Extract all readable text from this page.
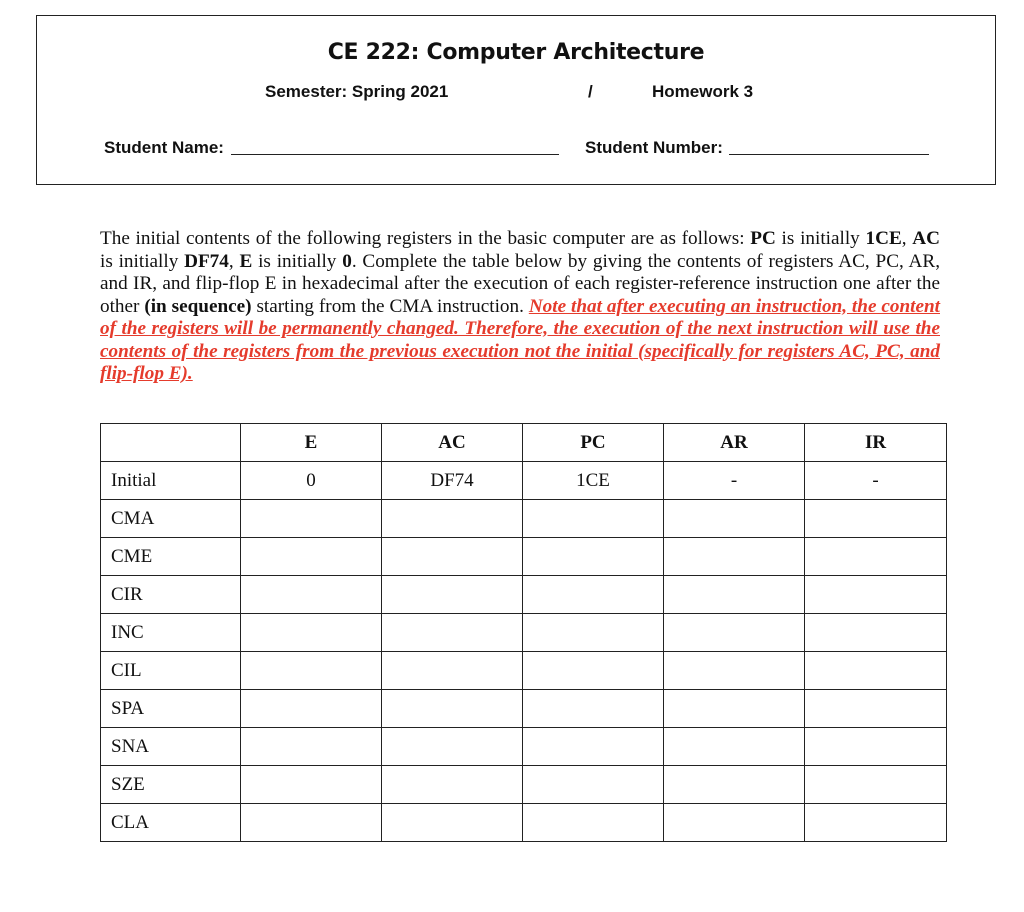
CE 222: Computer Architecture
Semester: Spring 2021	/	Homework 3
Student Name:	Student Number:
The initial contents of the following registers in the basic computer are as follows: PC is initially 1CE, AC is initially DF74, E is initially 0. Complete the table below by giving the contents of registers AC, PC, AR, and IR, and flip-flop E in hexadecimal after the execution of each register-reference instruction one after the other (in sequence) starting from the CMA instruction. Note that after executing an instruction, the content of the registers will be permanently changed. Therefore, the execution of the next instruction will use the contents of the registers from the previous execution not the initial (specifically for registers AC, PC, and flip-flop E).
	E	AC	PC	AR	IR
Initial	0	DF74	1CE	-	-
CMA					
CME					
CIR					
INC					
CIL					
SPA					
SNA					
SZE					
CLA					
